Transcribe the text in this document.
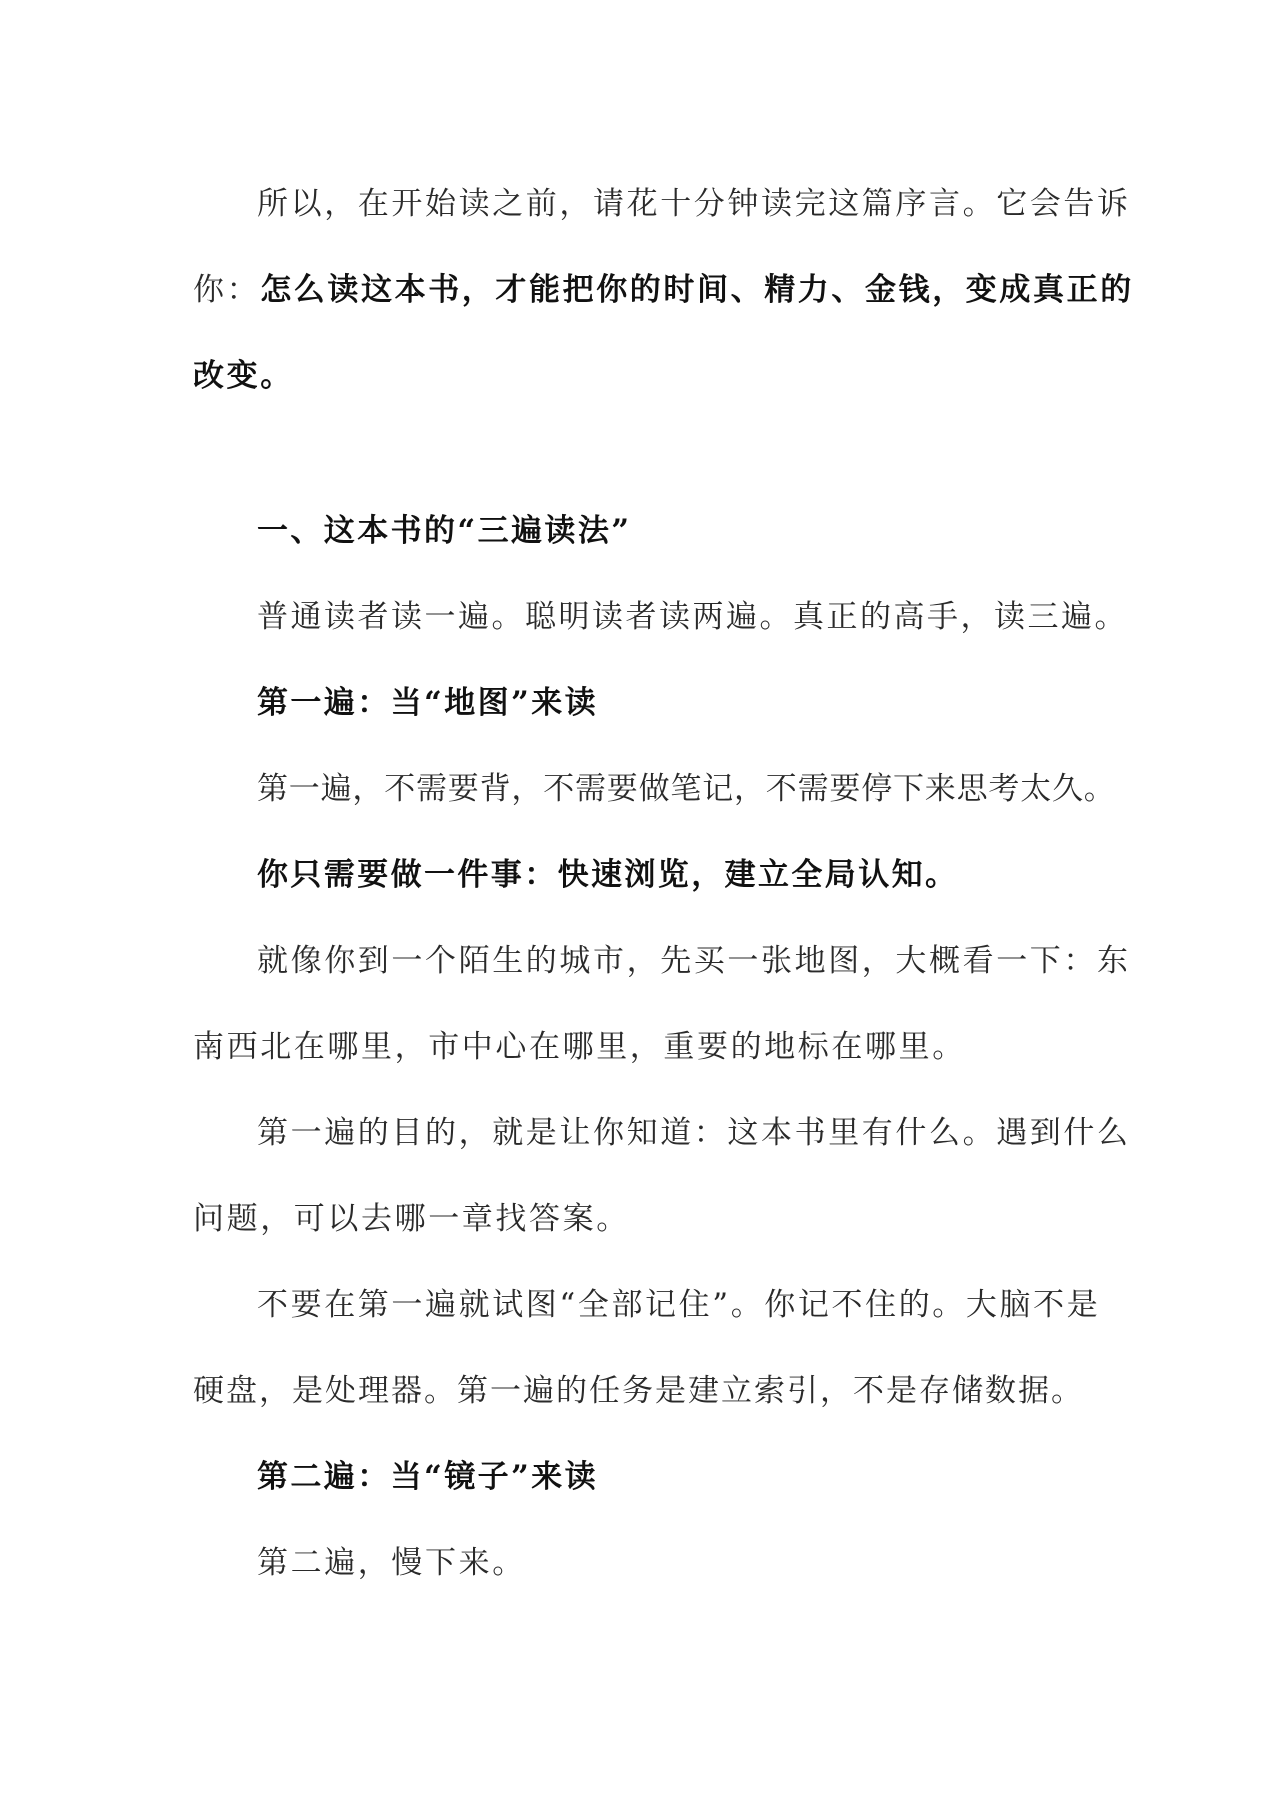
所以，在开始读之前，请花十分钟读完这篇序言。它会告诉
你：怎么读这本书，才能把你的时间、精力、金钱，变成真正的
改变。
一、这本书的“三遍读法”
普通读者读一遍。聪明读者读两遍。真正的高手，读三遍。
第一遍：当“地图”来读
第一遍，不需要背，不需要做笔记，不需要停下来思考太久。
你只需要做一件事：快速浏览，建立全局认知。
就像你到一个陌生的城市，先买一张地图，大概看一下：东
南西北在哪里，市中心在哪里，重要的地标在哪里。
第一遍的目的，就是让你知道：这本书里有什么。遇到什么
问题，可以去哪一章找答案。
不要在第一遍就试图“全部记住”。你记不住的。大脑不是
硬盘，是处理器。第一遍的任务是建立索引，不是存储数据。
第二遍：当“镜子”来读
第二遍，慢下来。
